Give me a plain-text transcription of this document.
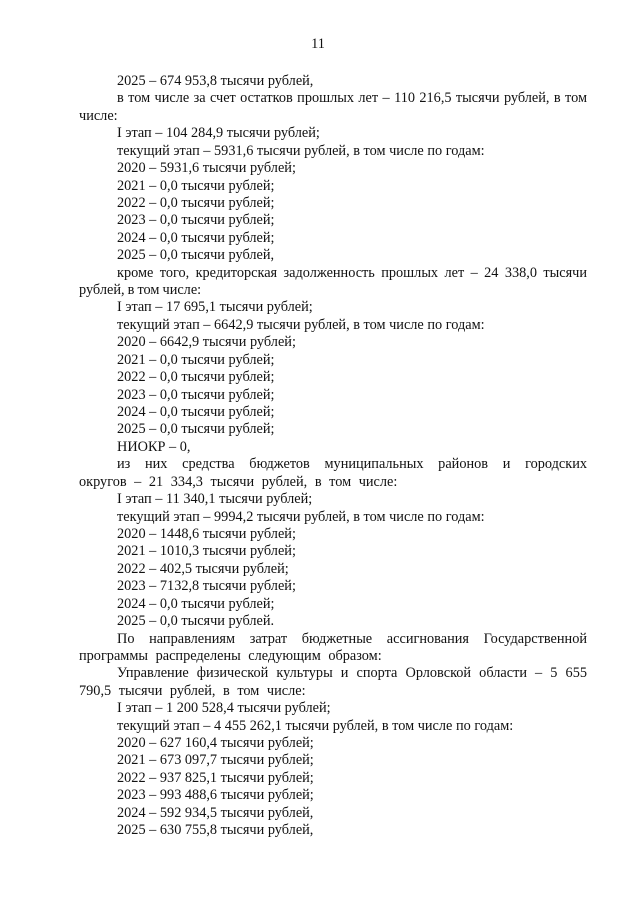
11
2025 – 674 953,8 тысячи рублей,
в том числе за счет остатков прошлых лет – 110 216,5 тысячи рублей, в том числе:
I этап – 104 284,9 тысячи рублей;
текущий этап – 5931,6 тысячи рублей, в том числе по годам:
2020 – 5931,6 тысячи рублей;
2021 – 0,0 тысячи рублей;
2022 – 0,0 тысячи рублей;
2023 – 0,0 тысячи рублей;
2024 – 0,0 тысячи рублей;
2025 – 0,0 тысячи рублей,
кроме того, кредиторская задолженность прошлых лет – 24 338,0 тысячи рублей, в том числе:
I этап – 17 695,1 тысячи рублей;
текущий этап – 6642,9 тысячи рублей, в том числе по годам:
2020 – 6642,9 тысячи рублей;
2021 – 0,0 тысячи рублей;
2022 – 0,0 тысячи рублей;
2023 – 0,0 тысячи рублей;
2024 – 0,0 тысячи рублей;
2025 – 0,0 тысячи рублей;
НИОКР – 0,
из них средства бюджетов муниципальных районов и городских округов – 21 334,3 тысячи рублей, в том числе:
I этап – 11 340,1 тысячи рублей;
текущий этап – 9994,2 тысячи рублей, в том числе по годам:
2020 – 1448,6 тысячи рублей;
2021 – 1010,3 тысячи рублей;
2022 – 402,5 тысячи рублей;
2023 – 7132,8 тысячи рублей;
2024 – 0,0 тысячи рублей;
2025 – 0,0 тысячи рублей.
По направлениям затрат бюджетные ассигнования Государственной программы распределены следующим образом:
Управление физической культуры и спорта Орловской области – 5 655 790,5 тысячи рублей, в том числе:
I этап – 1 200 528,4 тысячи рублей;
текущий этап – 4 455 262,1 тысячи рублей, в том числе по годам:
2020 – 627 160,4 тысячи рублей;
2021 – 673 097,7 тысячи рублей;
2022 – 937 825,1 тысячи рублей;
2023 – 993 488,6 тысячи рублей;
2024 – 592 934,5 тысячи рублей,
2025 – 630 755,8 тысячи рублей,
